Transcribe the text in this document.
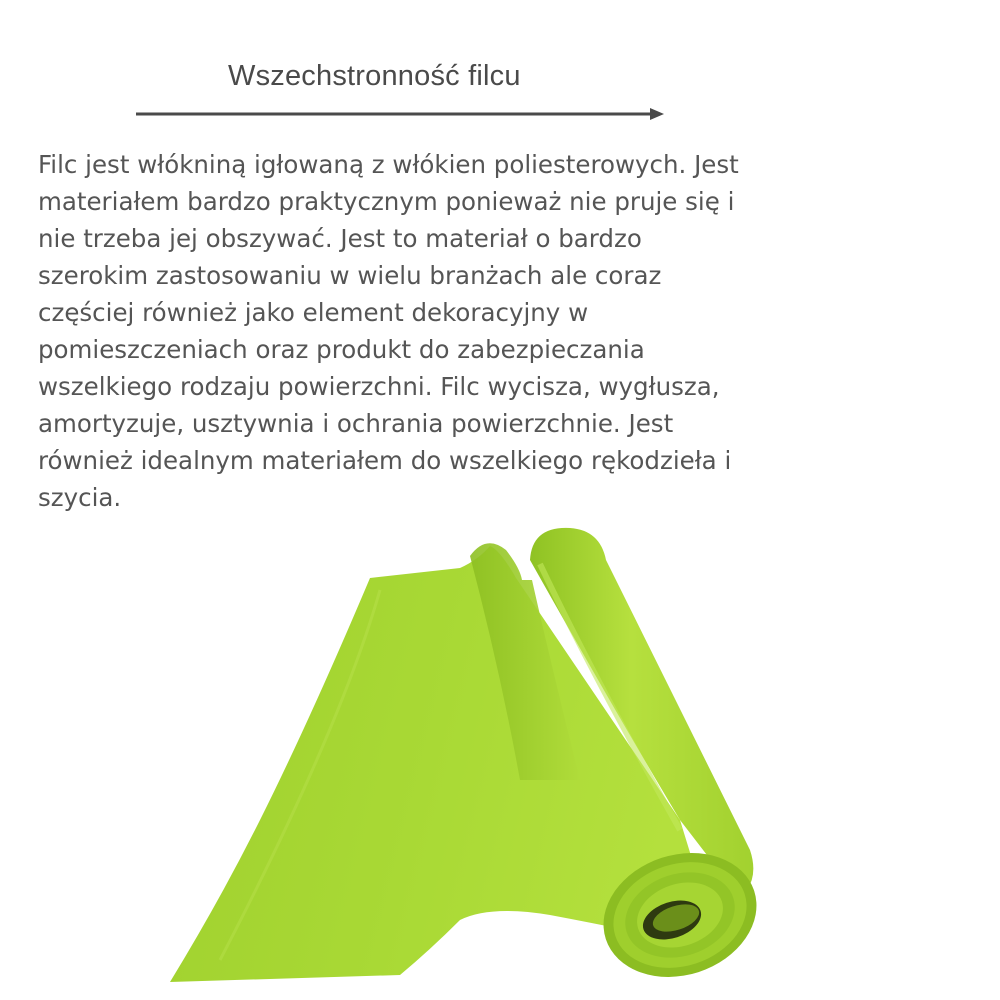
Wszechstronność filcu

Filc jest włókniną igłowaną z włókien poliesterowych. Jest materiałem bardzo praktycznym ponieważ nie pruje się i nie trzeba jej obszywać. Jest to materiał o bardzo szerokim zastosowaniu w wielu branżach ale coraz częściej również jako element dekoracyjny w pomieszczeniach oraz produkt do zabezpieczania wszelkiego rodzaju powierzchni. Filc wycisza, wygłusza, amortyzuje, usztywnia i ochrania powierzchnie. Jest również idealnym materiałem do wszelkiego rękodzieła i szycia.
